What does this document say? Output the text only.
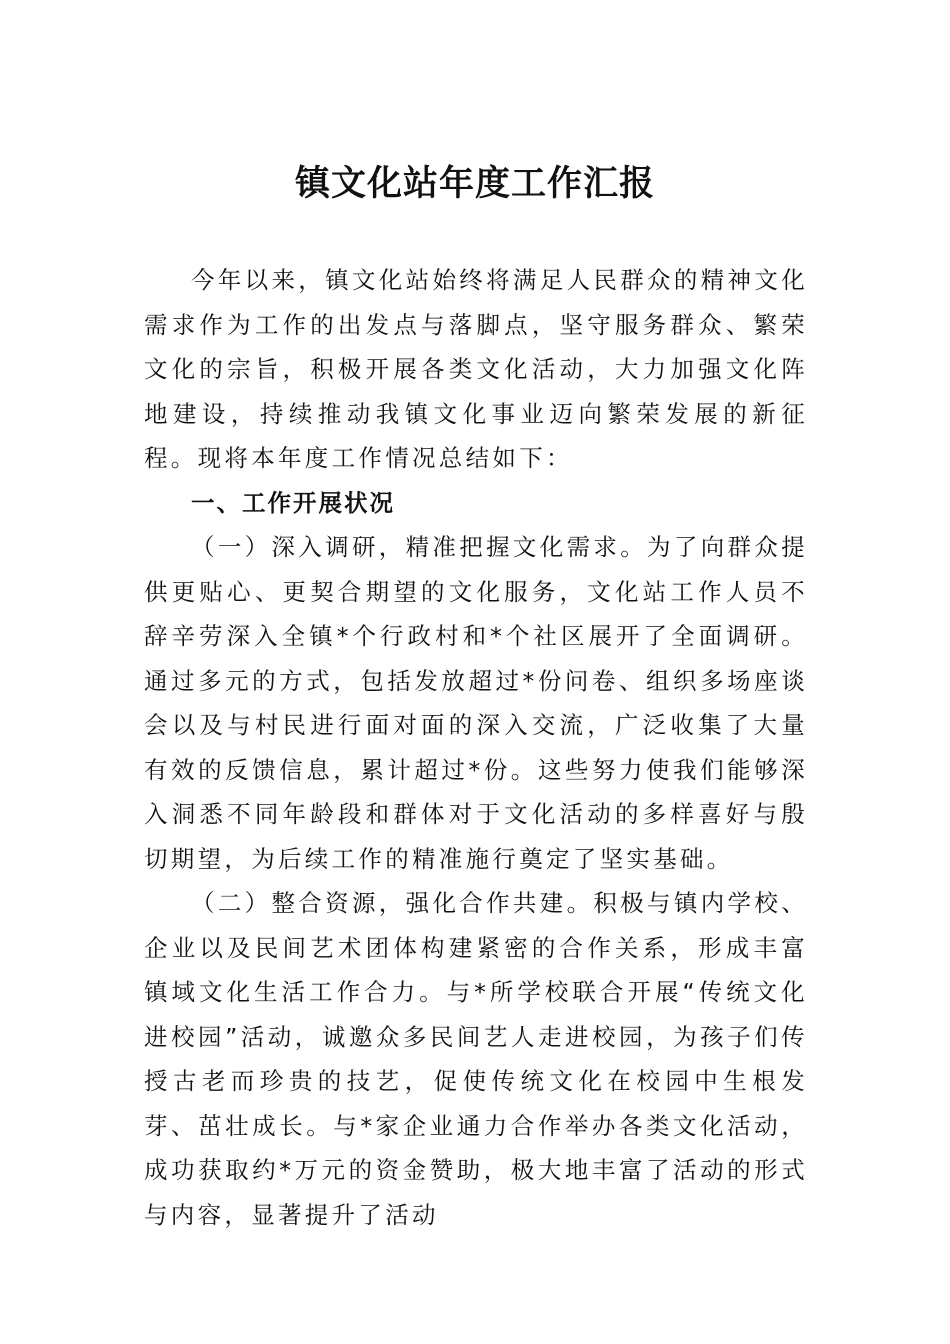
镇文化站年度工作汇报

今年以来，镇文化站始终将满足人民群众的精神文化需求作为工作的出发点与落脚点，坚守服务群众、繁荣文化的宗旨，积极开展各类文化活动，大力加强文化阵地建设，持续推动我镇文化事业迈向繁荣发展的新征程。现将本年度工作情况总结如下：

一、工作开展状况

（一）深入调研，精准把握文化需求。为了向群众提供更贴心、更契合期望的文化服务，文化站工作人员不辞辛劳深入全镇*个行政村和*个社区展开了全面调研。通过多元的方式，包括发放超过*份问卷、组织多场座谈会以及与村民进行面对面的深入交流，广泛收集了大量有效的反馈信息，累计超过*份。这些努力使我们能够深入洞悉不同年龄段和群体对于文化活动的多样喜好与殷切期望，为后续工作的精准施行奠定了坚实基础。

（二）整合资源，强化合作共建。积极与镇内学校、企业以及民间艺术团体构建紧密的合作关系，形成丰富镇域文化生活工作合力。与*所学校联合开展“传统文化进校园”活动，诚邀众多民间艺人走进校园，为孩子们传授古老而珍贵的技艺，促使传统文化在校园中生根发芽、茁壮成长。与*家企业通力合作举办各类文化活动，成功获取约*万元的资金赞助，极大地丰富了活动的形式与内容，显著提升了活动
